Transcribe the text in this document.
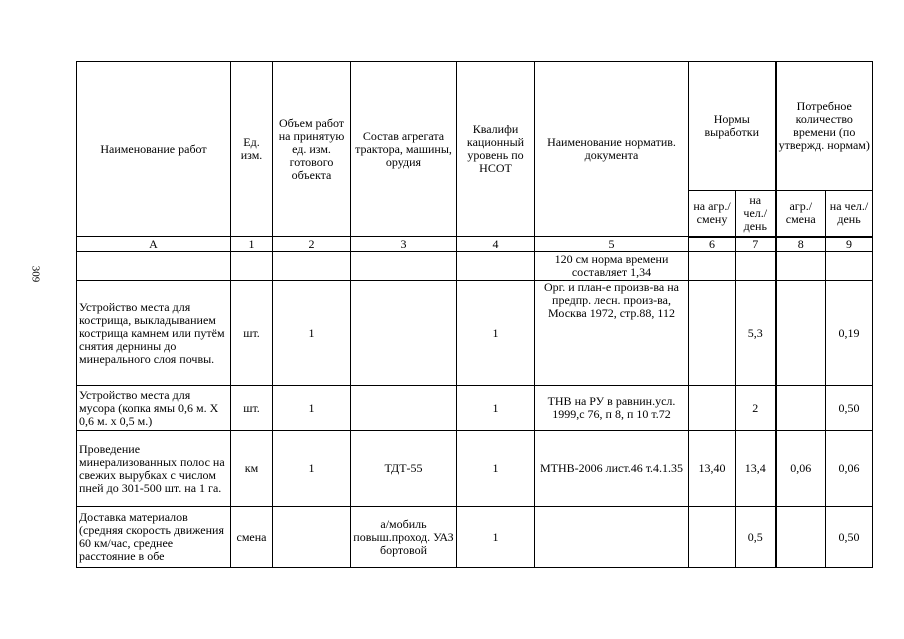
309
Наименование работ	Ед. изм.	Объем работ на принятую ед. изм. готового объекта	Состав агрегата трактора, машины, орудия	Квалифи кационный уровень по НСОТ	Наименование норматив. документа	Нормы выработки		Потребное количество времени (по утвержд. нормам)	
						на агр./ смену	на чел./ день	агр./ смена	на чел./ день
А	1	2	3	4	5	6	7	8	9
					120 см норма времени составляет 1,34				
Устройство места для кострища, выкладыванием кострища камнем или путём снятия дернины до минерального слоя почвы.	шт.	1		1	Орг. и план-е произв-ва на предпр. лесн. произ-ва, Москва 1972, стр.88, 112		5,3		0,19
Устройство места для мусора (копка ямы 0,6 м. Х 0,6 м. х 0,5 м.)	шт.	1		1	ТНВ на РУ в равнин.усл. 1999,с 76, п 8, п 10 т.72		2		0,50
Проведение минерализованных полос на свежих вырубках с числом пней до 301-500 шт. на 1 га.	км	1	ТДТ-55	1	МТНВ-2006 лист.46 т.4.1.35	13,40	13,4	0,06	0,06
Доставка материалов (средняя скорость движения 60 км/час, среднее расстояние в обе	смена		а/мобиль повыш.проход. УАЗ бортовой	1			0,5		0,50
